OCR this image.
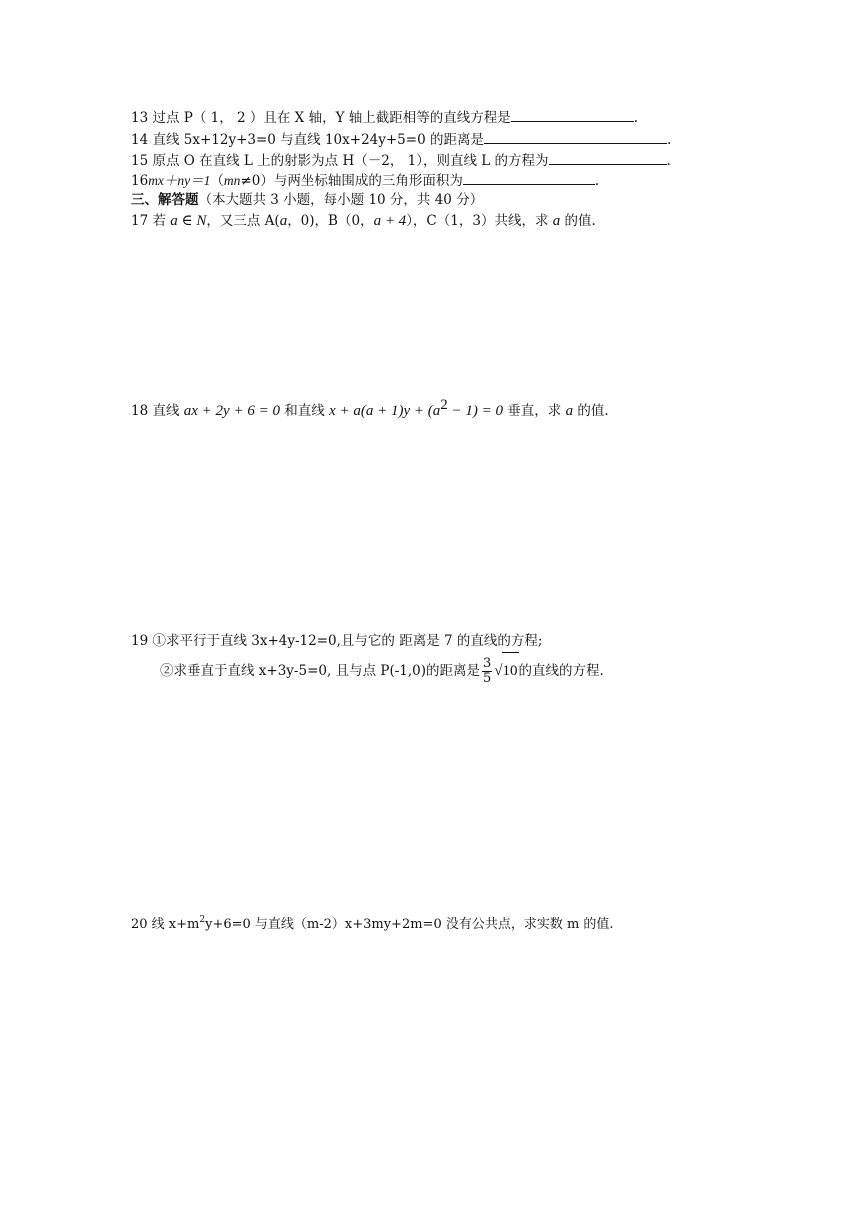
13 过点 P（ 1， 2 ）且在 X 轴，Y 轴上截距相等的直线方程是	.
14 直线 5x+12y+3=0 与直线 10x+24y+5=0 的距离是	.
15 原点 O 在直线 L 上的射影为点 H（－2， 1），则直线 L 的方程为	.
16mx＋ny＝1（mn≠0）与两坐标轴围成的三角形面积为	.
三、解答题（本大题共 3 小题，每小题 10 分，共 40 分）
17 若 a ∈ N，又三点 A(a，0)，B（0，a + 4），C（1，3）共线，求 a 的值.
18 直线 ax + 2y + 6 = 0 和直线 $x + a(a + 1)y + (a^2 - 1) = 0$ 垂直，求 a 的值.
19 ①求平行于直线 3x+4y-12=0,且与它的 距离是 7 的直线的方程;
②求垂直于直线 x+3y-5=0, 且与点 P(-1,0)的距离是 $\frac{3}{5} √10$的直线的方程.
20 线 $x+m^2y+6=0$ 与直线（m-2）x+3my+2m=0 没有公共点，求实数 m 的值.
